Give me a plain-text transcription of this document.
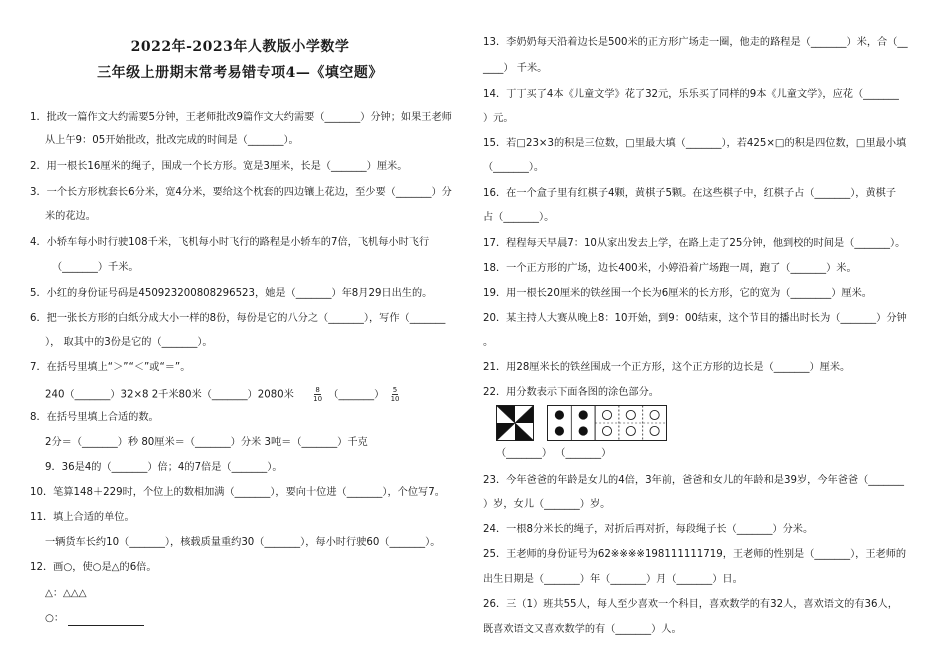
2022年-2023年人教版小学数学
三年级上册期末常考易错专项4—《填空题》
1．批改一篇作文大约需要5分钟，王老师批改9篇作文大约需要（_______）分钟；如果王老师
从上午9：05开始批改，批改完成的时间是（_______）。
2．用一根长16厘米的绳子，围成一个长方形。宽是3厘米，长是（_______）厘米。
3．一个长方形枕套长6分米，宽4分米，要给这个枕套的四边镶上花边，至少要（_______）分
米的花边。
4．小轿车每小时行驶108千米，飞机每小时飞行的路程是小轿车的7倍，飞机每小时飞行
（_______）千米。
5．小红的身份证号码是450923200808296523，她是（_______）年8月29日出生的。
6．把一张长方形的白纸分成大小一样的8份，每份是它的八分之（_______），写作（_______
）， 取其中的3份是它的（_______）。
7．在括号里填上“＞”“＜”或“＝”。
240（_______）32×8 2千米80米（_______）2080米	$\frac{8}{10}$ （_______） $\frac{5}{10}$
8．在括号里填上合适的数。
2分＝（_______）秒 80厘米＝（_______）分米 3吨＝（_______）千克
9．36是4的（_______）倍；4的7倍是（_______）。
10．笔算148＋229时，个位上的数相加满（_______），要向十位进（_______），个位写7。
11．填上合适的单位。
一辆货车长约10（_______），核载质量重约30（_______），每小时行驶60（_______）。
12．画○，使○是△的6倍。
△：△△△
○：
13．李奶奶每天沿着边长是500米的正方形广场走一圈，他走的路程是（_______）米，合（__
____） 千米。
14．丁丁买了4本《儿童文学》花了32元，乐乐买了同样的9本《儿童文学》，应花（_______
）元。
15．若□23×3的积是三位数，□里最大填（_______），若425×□的积是四位数，□里最小填
（_______）。
16．在一个盒子里有红棋子4颗，黄棋子5颗。在这些棋子中，红棋子占（_______），黄棋子
占（_______）。
17．程程每天早晨7：10从家出发去上学，在路上走了25分钟，他到校的时间是（_______）。
18．一个正方形的广场，边长400米，小婷沿着广场跑一周，跑了（_______）米。
19．用一根长20厘米的铁丝围一个长为6厘米的长方形，它的宽为（________）厘米。
20．某主持人大赛从晚上8：10开始，到9：00结束，这个节目的播出时长为（_______）分钟
。
21．用28厘米长的铁丝围成一个正方形，这个正方形的边长是（_______）厘米。
22．用分数表示下面各图的涂色部分。
（_______） （_______）
23．今年爸爸的年龄是女儿的4倍，3年前，爸爸和女儿的年龄和是39岁，今年爸爸（_______
）岁，女儿（_______）岁。
24．一根8分米长的绳子，对折后再对折，每段绳子长（_______）分米。
25．王老师的身份证号为62※※※※198111111719，王老师的性别是（_______），王老师的
出生日期是（_______）年（_______）月（_______）日。
26．三（1）班共55人，每人至少喜欢一个科目，喜欢数学的有32人，喜欢语文的有36人，
既喜欢语文又喜欢数学的有（_______）人。
